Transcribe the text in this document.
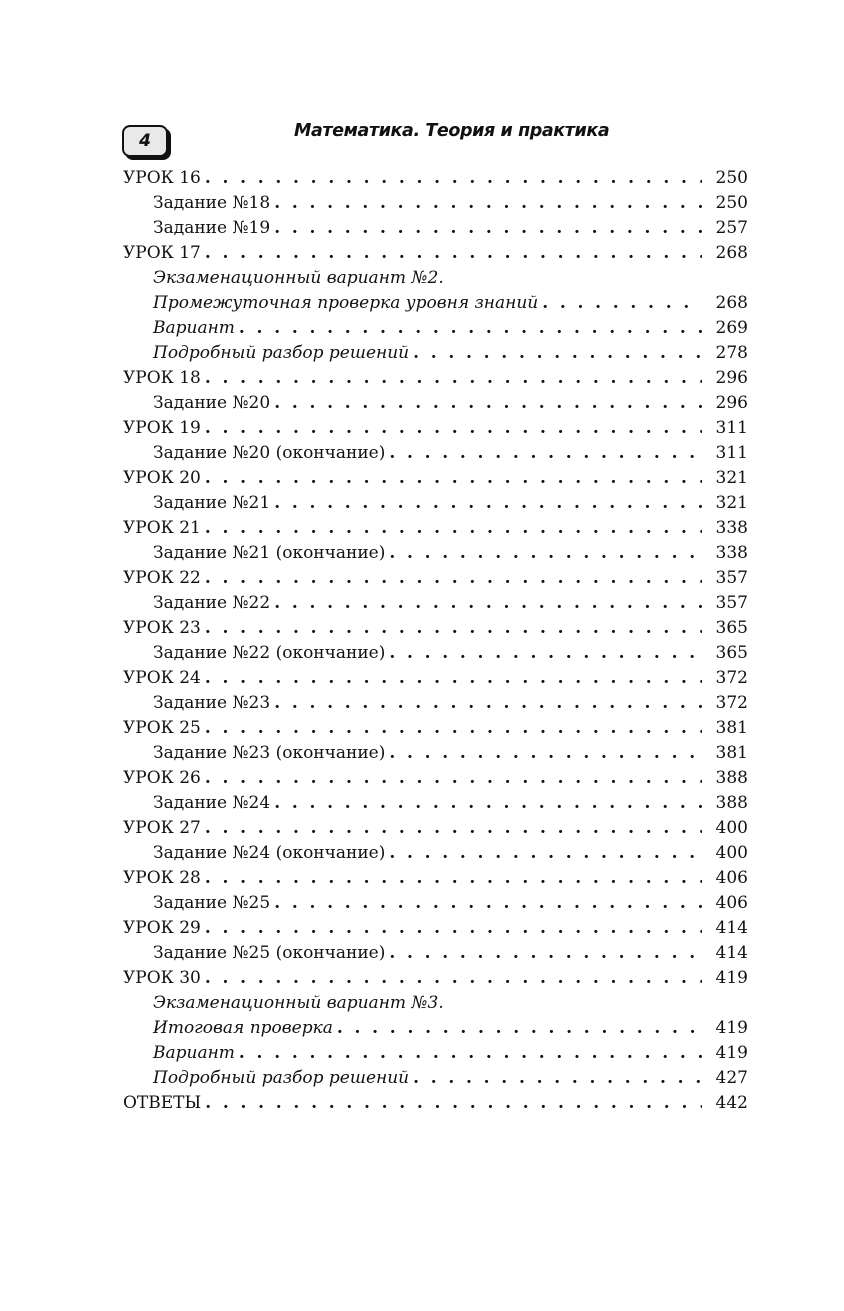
4	Математика. Теория и практика
УРОК 16 . . .	250
Задание №18 . . .	250
Задание №19 . . .	257
УРОК 17 . . .	268
Экзаменационный вариант №2.
Промежуточная проверка уровня знаний . . .	268
Вариант . . .	269
Подробный разбор решений . . .	278
УРОК 18 . . .	296
Задание №20 . . .	296
УРОК 19 . . .	311
Задание №20 (окончание) . . .	311
УРОК 20 . . .	321
Задание №21 . . .	321
УРОК 21 . . .	338
Задание №21 (окончание) . . .	338
УРОК 22 . . .	357
Задание №22 . . .	357
УРОК 23 . . .	365
Задание №22 (окончание) . . .	365
УРОК 24 . . .	372
Задание №23 . . .	372
УРОК 25 . . .	381
Задание №23 (окончание) . . .	381
УРОК 26 . . .	388
Задание №24 . . .	388
УРОК 27 . . .	400
Задание №24 (окончание) . . .	400
УРОК 28 . . .	406
Задание №25 . . .	406
УРОК 29 . . .	414
Задание №25 (окончание) . . .	414
УРОК 30 . . .	419
Экзаменационный вариант №3.
Итоговая проверка . . .	419
Вариант . . .	419
Подробный разбор решений . . .	427
ОТВЕТЫ . . .	442
